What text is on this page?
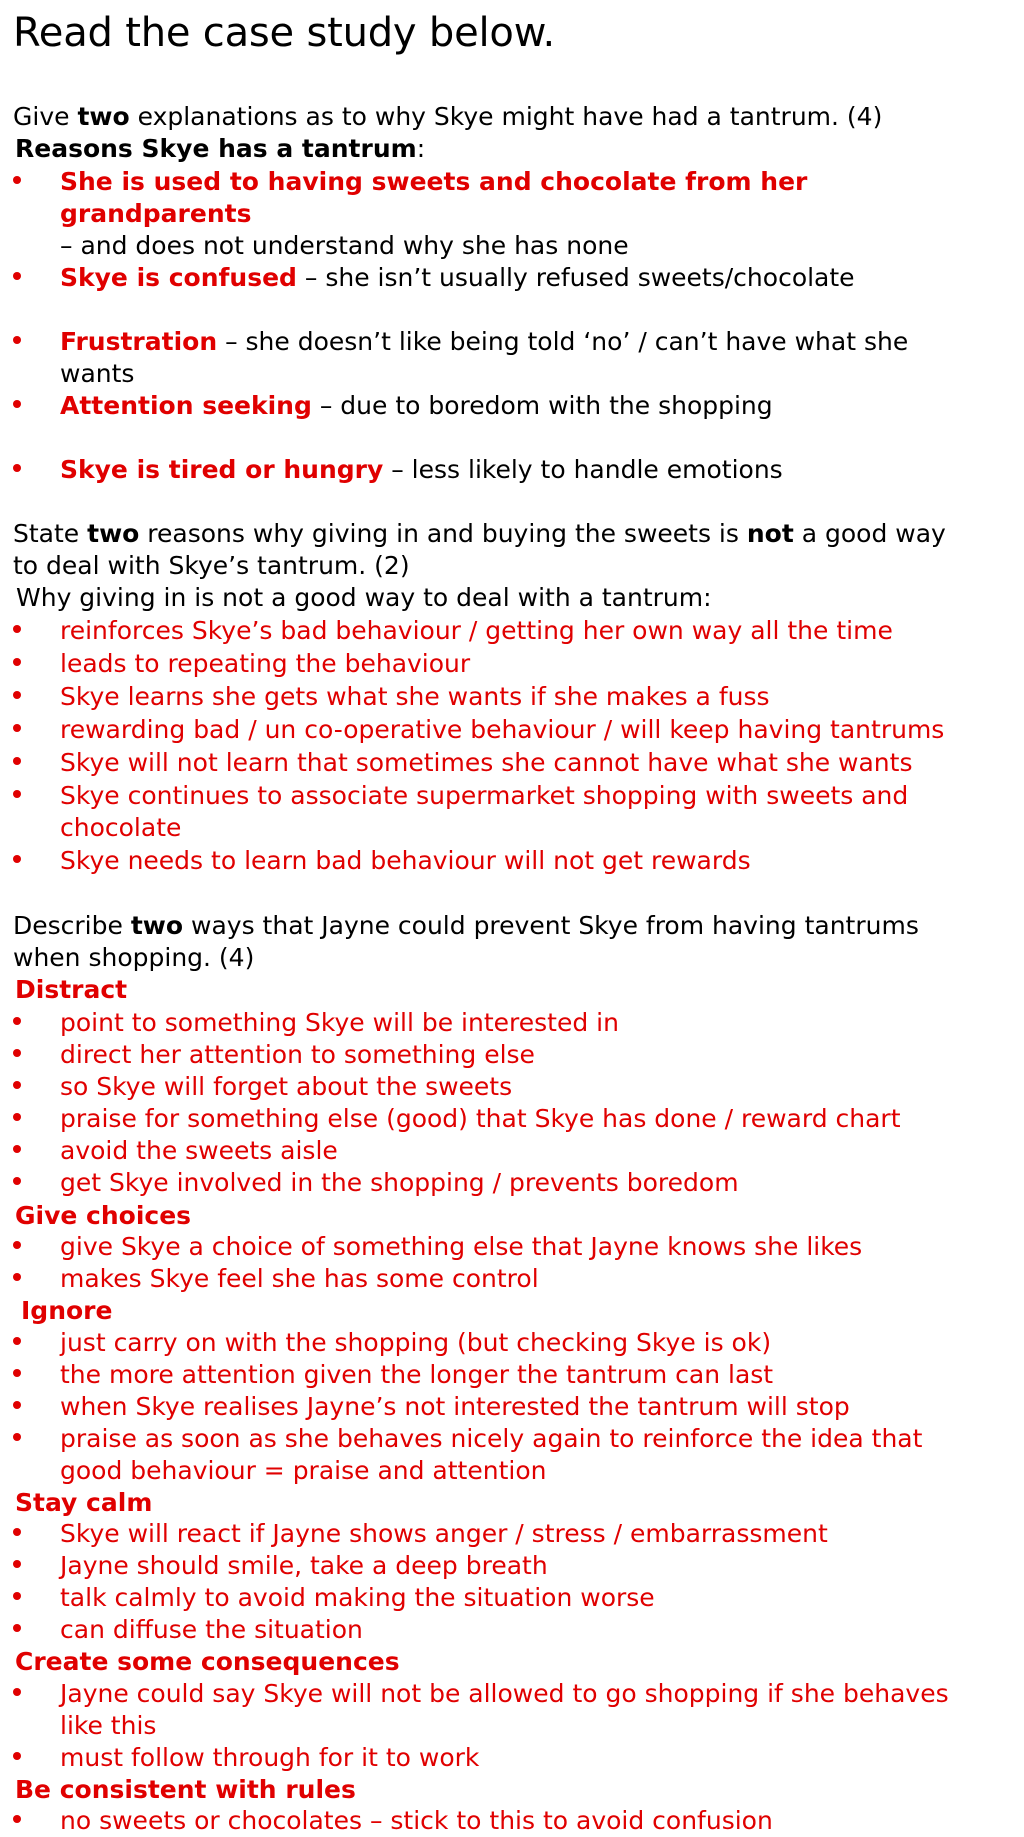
Read the case study below.
Give two explanations as to why Skye might have had a tantrum. (4)
Reasons Skye has a tantrum:
She is used to having sweets and chocolate from her grandparents
– and does not understand why she has none
Skye is confused – she isn’t usually refused sweets/chocolate
Frustration – she doesn’t like being told ‘no’ / can’t have what she wants
Attention seeking – due to boredom with the shopping
Skye is tired or hungry – less likely to handle emotions
State two reasons why giving in and buying the sweets is not a good way to deal with Skye’s tantrum. (2)
Why giving in is not a good way to deal with a tantrum:
reinforces Skye’s bad behaviour / getting her own way all the time
leads to repeating the behaviour
Skye learns she gets what she wants if she makes a fuss
rewarding bad / un co-operative behaviour / will keep having tantrums
Skye will not learn that sometimes she cannot have what she wants
Skye continues to associate supermarket shopping with sweets and chocolate
Skye needs to learn bad behaviour will not get rewards
Describe two ways that Jayne could prevent Skye from having tantrums when shopping. (4)
Distract
point to something Skye will be interested in
direct her attention to something else
so Skye will forget about the sweets
praise for something else (good) that Skye has done / reward chart
avoid the sweets aisle
get Skye involved in the shopping / prevents boredom
Give choices
give Skye a choice of something else that Jayne knows she likes
makes Skye feel she has some control
Ignore
just carry on with the shopping (but checking Skye is ok)
the more attention given the longer the tantrum can last
when Skye realises Jayne’s not interested the tantrum will stop
praise as soon as she behaves nicely again to reinforce the idea that good behaviour = praise and attention
Stay calm
Skye will react if Jayne shows anger / stress / embarrassment
Jayne should smile, take a deep breath
talk calmly to avoid making the situation worse
can diffuse the situation
Create some consequences
Jayne could say Skye will not be allowed to go shopping if she behaves like this
must follow through for it to work
Be consistent with rules
no sweets or chocolates – stick to this to avoid confusion
